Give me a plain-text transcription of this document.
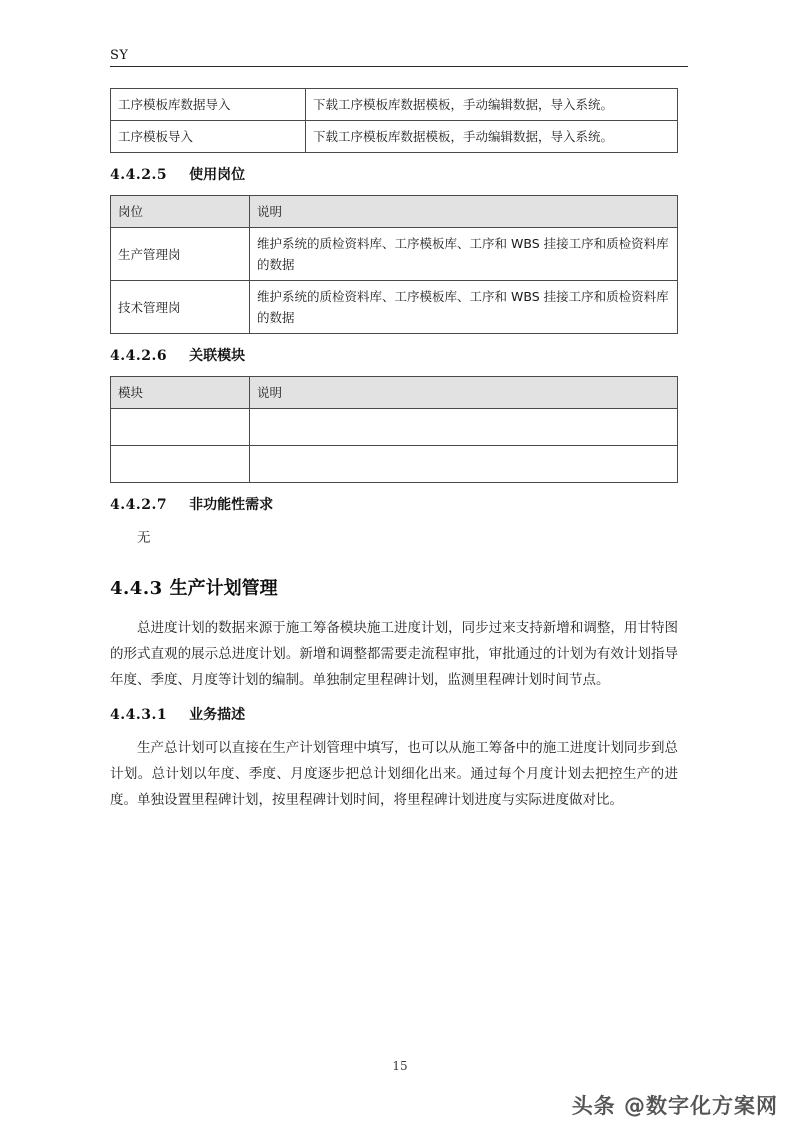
SY
工序模板库数据导入	下载工序模板库数据模板，手动编辑数据，导入系统。
工序模板导入	下载工序模板库数据模板，手动编辑数据，导入系统。
4.4.2.5 使用岗位
岗位	说明
生产管理岗	维护系统的质检资料库、工序模板库、工序和 WBS 挂接工序和质检资料库的数据
技术管理岗	维护系统的质检资料库、工序模板库、工序和 WBS 挂接工序和质检资料库的数据
4.4.2.6 关联模块
模块	说明

4.4.2.7 非功能性需求

无

4.4.3 生产计划管理

总进度计划的数据来源于施工筹备模块施工进度计划，同步过来支持新增和调整，用甘特图的形式直观的展示总进度计划。新增和调整都需要走流程审批，审批通过的计划为有效计划指导年度、季度、月度等计划的编制。单独制定里程碑计划，监测里程碑计划时间节点。

4.4.3.1 业务描述

生产总计划可以直接在生产计划管理中填写，也可以从施工筹备中的施工进度计划同步到总计划。总计划以年度、季度、月度逐步把总计划细化出来。通过每个月度计划去把控生产的进度。单独设置里程碑计划，按里程碑计划时间，将里程碑计划进度与实际进度做对比。

15
头条 @数字化方案网
